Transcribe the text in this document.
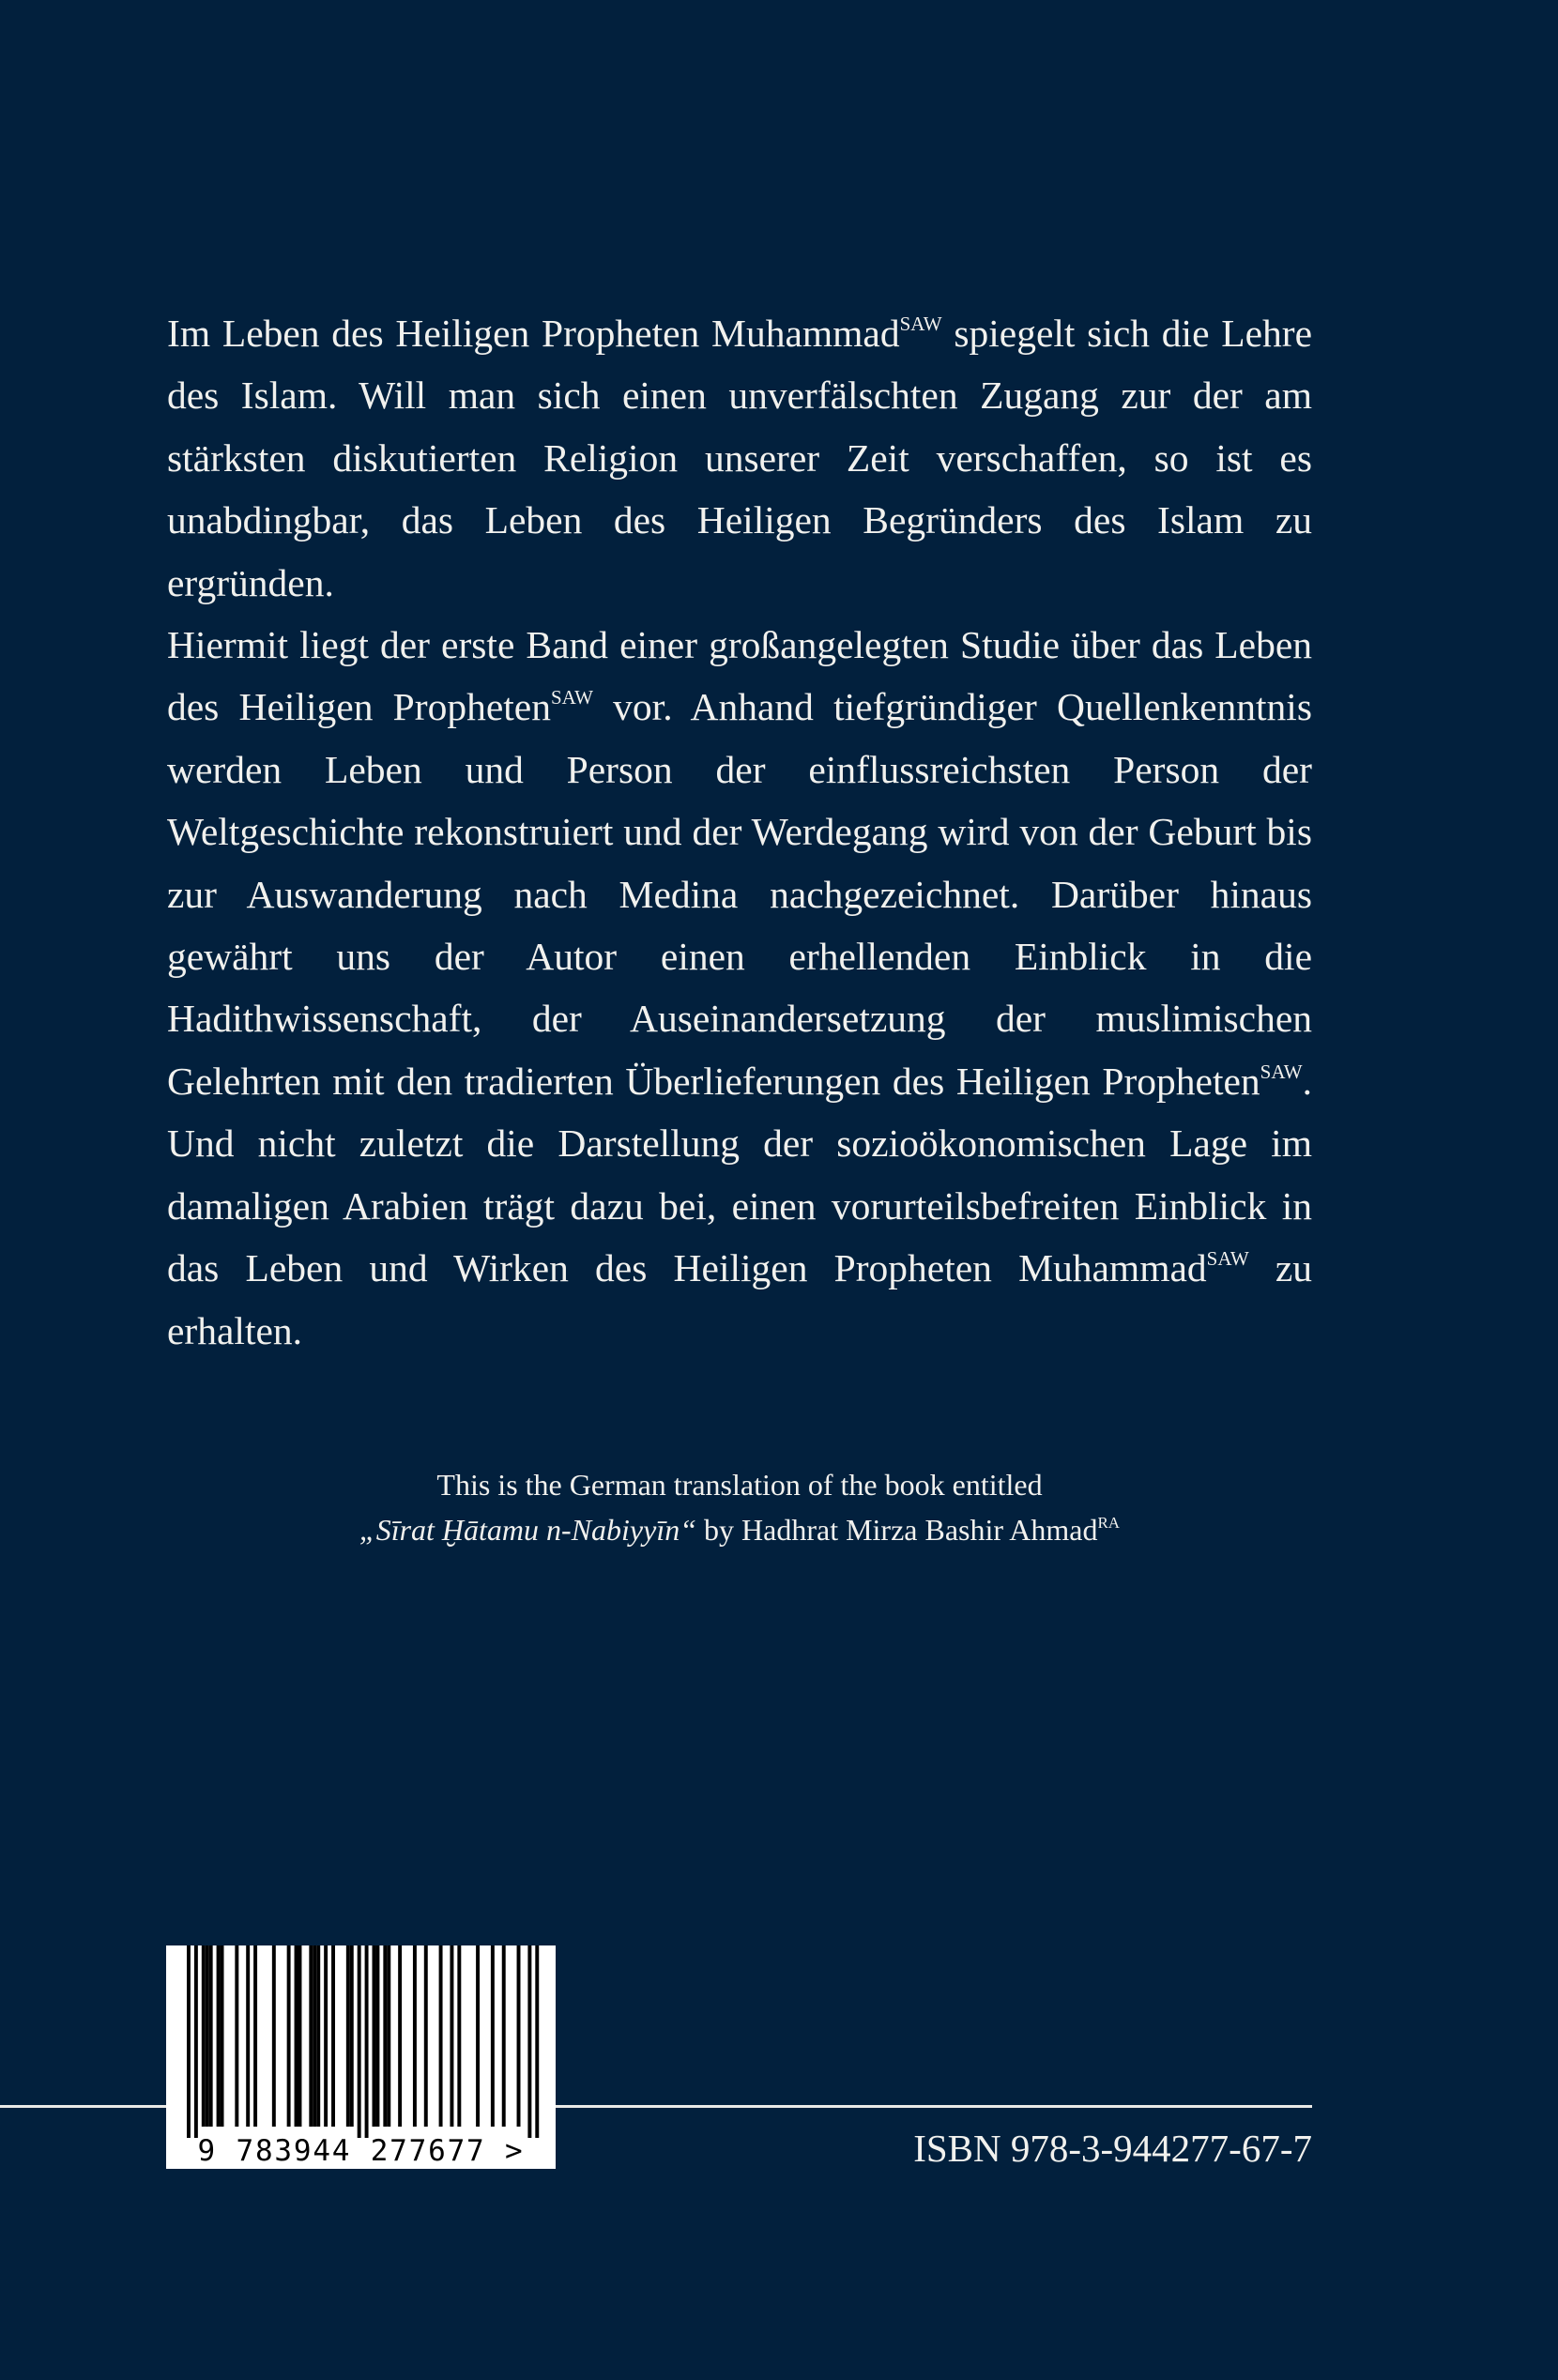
Im Leben des Heiligen Propheten Muhammad$^{SAW}$ spiegelt sich die Lehre des Islam. Will man sich einen unverfälschten Zugang zur der am stärksten diskutierten Religion unserer Zeit verschaffen, so ist es unabdingbar, das Leben des Heiligen Begründers des Islam zu ergründen.

Hiermit liegt der erste Band einer großangelegten Studie über das Leben des Heiligen Propheten$^{SAW}$ vor. Anhand tiefgründiger Quellenkenntnis werden Leben und Person der einflussreichsten Person der Weltgeschichte rekonstruiert und der Werdegang wird von der Geburt bis zur Auswanderung nach Medina nachgezeichnet. Darüber hinaus gewährt uns der Autor einen erhellenden Einblick in die Hadithwissenschaft, der Auseinandersetzung der muslimischen Gelehrten mit den tradierten Überlieferungen des Heiligen Propheten$^{SAW}$. Und nicht zuletzt die Darstellung der sozioökonomischen Lage im damaligen Arabien trägt dazu bei, einen vorurteilsbefreiten Einblick in das Leben und Wirken des Heiligen Propheten Muhammad$^{SAW}$ zu erhalten.

This is the German translation of the book entitled

„Sīrat Ḫātamu n-Nabiyyīn“ by Hadhrat Mirza Bashir Ahmad$^{RA}$

9 783944 277677 >	ISBN 978-3-944277-67-7
